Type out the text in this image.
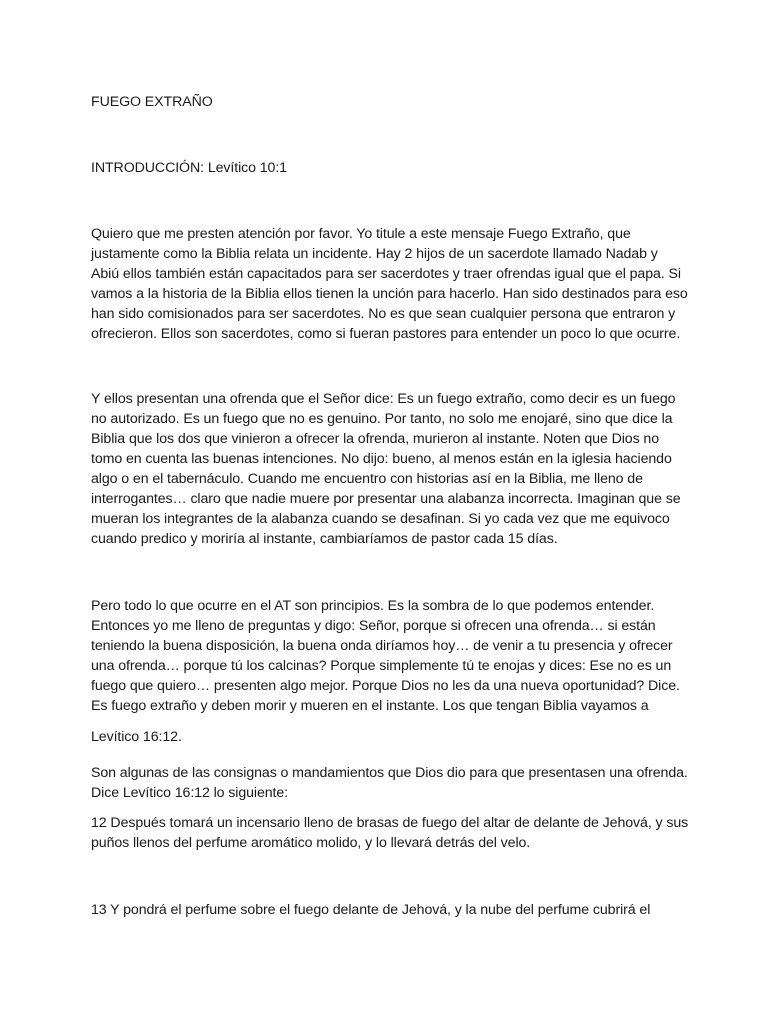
FUEGO EXTRAÑO

INTRODUCCIÓN: Levítico 10:1

Quiero que me presten atención por favor. Yo titule a este mensaje Fuego Extraño, que
justamente como la Biblia relata un incidente. Hay 2 hijos de un sacerdote llamado Nadab y
Abiú ellos también están capacitados para ser sacerdotes y traer ofrendas igual que el papa. Si
vamos a la historia de la Biblia ellos tienen la unción para hacerlo. Han sido destinados para eso
han sido comisionados para ser sacerdotes. No es que sean cualquier persona que entraron y
ofrecieron. Ellos son sacerdotes, como si fueran pastores para entender un poco lo que ocurre.

Y ellos presentan una ofrenda que el Señor dice: Es un fuego extraño, como decir es un fuego
no autorizado. Es un fuego que no es genuino. Por tanto, no solo me enojaré, sino que dice la
Biblia que los dos que vinieron a ofrecer la ofrenda, murieron al instante. Noten que Dios no
tomo en cuenta las buenas intenciones. No dijo: bueno, al menos están en la iglesia haciendo
algo o en el tabernáculo. Cuando me encuentro con historias así en la Biblia, me lleno de
interrogantes… claro que nadie muere por presentar una alabanza incorrecta. Imaginan que se
mueran los integrantes de la alabanza cuando se desafinan. Si yo cada vez que me equivoco
cuando predico y moriría al instante, cambiaríamos de pastor cada 15 días.

Pero todo lo que ocurre en el AT son principios. Es la sombra de lo que podemos entender.
Entonces yo me lleno de preguntas y digo: Señor, porque si ofrecen una ofrenda… si están
teniendo la buena disposición, la buena onda diríamos hoy… de venir a tu presencia y ofrecer
una ofrenda… porque tú los calcinas? Porque simplemente tú te enojas y dices: Ese no es un
fuego que quiero… presenten algo mejor. Porque Dios no les da una nueva oportunidad? Dice.
Es fuego extraño y deben morir y mueren en el instante. Los que tengan Biblia vayamos a

Levítico 16:12.

Son algunas de las consignas o mandamientos que Dios dio para que presentasen una ofrenda.
Dice Levítico 16:12 lo siguiente:

12 Después tomará un incensario lleno de brasas de fuego del altar de delante de Jehová, y sus
puños llenos del perfume aromático molido, y lo llevará detrás del velo.

13 Y pondrá el perfume sobre el fuego delante de Jehová, y la nube del perfume cubrirá el
